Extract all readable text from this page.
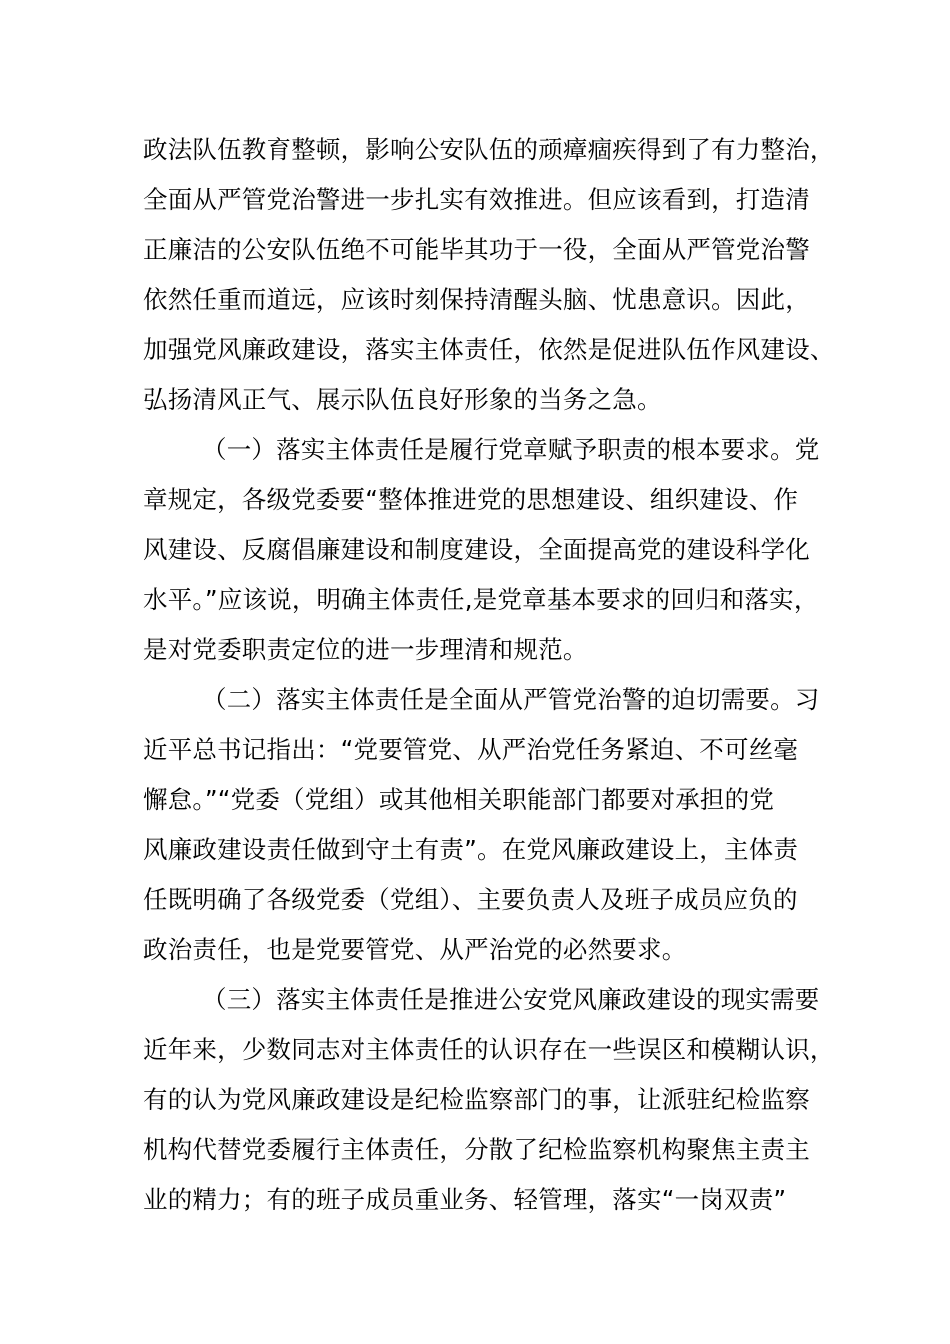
政法队伍教育整顿，影响公安队伍的顽瘴痼疾得到了有力整治，
全面从严管党治警进一步扎实有效推进。但应该看到，打造清
正廉洁的公安队伍绝不可能毕其功于一役，全面从严管党治警
依然任重而道远，应该时刻保持清醒头脑、忧患意识。因此，
加强党风廉政建设，落实主体责任，依然是促进队伍作风建设、
弘扬清风正气、展示队伍良好形象的当务之急。
（一）落实主体责任是履行党章赋予职责的根本要求。党
章规定，各级党委要“整体推进党的思想建设、组织建设、作
风建设、反腐倡廉建设和制度建设，全面提高党的建设科学化
水平。”应该说，明确主体责任,是党章基本要求的回归和落实，
是对党委职责定位的进一步理清和规范。
（二）落实主体责任是全面从严管党治警的迫切需要。习
近平总书记指出：“党要管党、从严治党任务紧迫、不可丝毫
懈怠。”“党委（党组）或其他相关职能部门都要对承担的党
风廉政建设责任做到守土有责”。在党风廉政建设上，主体责
任既明确了各级党委（党组）、主要负责人及班子成员应负的
政治责任，也是党要管党、从严治党的必然要求。
（三）落实主体责任是推进公安党风廉政建设的现实需要
近年来，少数同志对主体责任的认识存在一些误区和模糊认识，
有的认为党风廉政建设是纪检监察部门的事，让派驻纪检监察
机构代替党委履行主体责任，分散了纪检监察机构聚焦主责主
业的精力；有的班子成员重业务、轻管理，落实“一岗双责”
